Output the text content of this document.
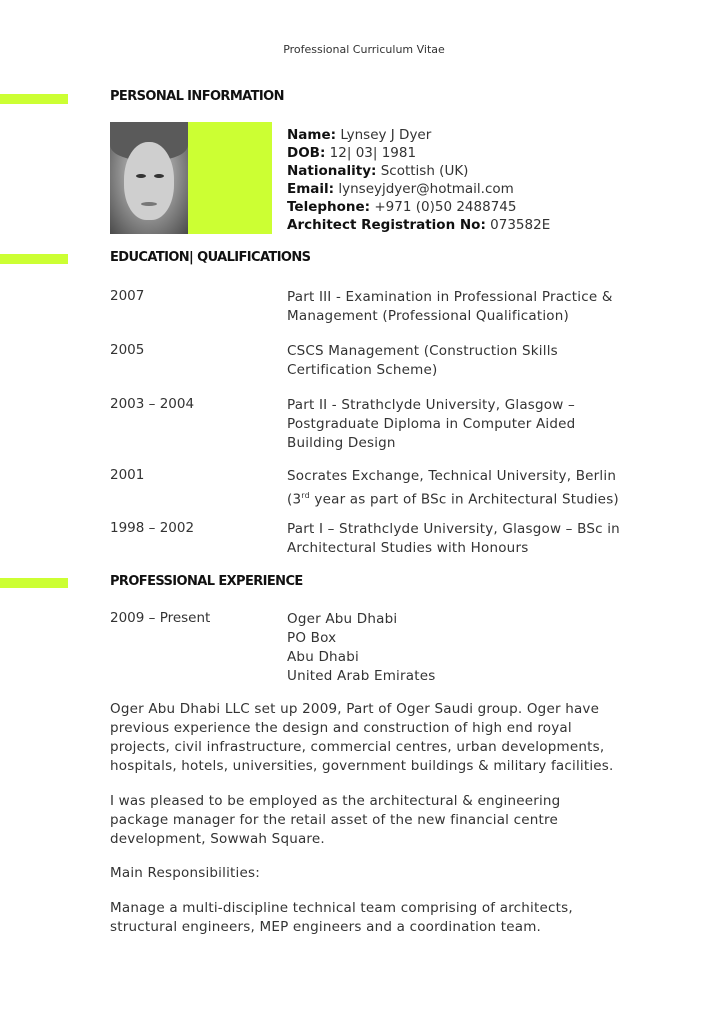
Professional Curriculum Vitae
PERSONAL INFORMATION
Name: Lynsey J Dyer
DOB: 12| 03| 1981
Nationality: Scottish (UK)
Email: lynseyjdyer@hotmail.com
Telephone: +971 (0)50 2488745
Architect Registration No: 073582E
EDUCATION| QUALIFICATIONS
2007	Part III - Examination in Professional Practice &
Management (Professional Qualification)
2005	CSCS Management (Construction Skills
Certification Scheme)
2003 – 2004	Part II - Strathclyde University, Glasgow –
Postgraduate Diploma in Computer Aided
Building Design
2001	Socrates Exchange, Technical University, Berlin
(3rd year as part of BSc in Architectural Studies)
1998 – 2002	Part I – Strathclyde University, Glasgow – BSc in
Architectural Studies with Honours
PROFESSIONAL EXPERIENCE
2009 – Present	Oger Abu Dhabi
PO Box
Abu Dhabi
United Arab Emirates
Oger Abu Dhabi LLC set up 2009, Part of Oger Saudi group. Oger have
previous experience the design and construction of high end royal
projects, civil infrastructure, commercial centres, urban developments,
hospitals, hotels, universities, government buildings & military facilities.
I was pleased to be employed as the architectural & engineering
package manager for the retail asset of the new financial centre
development, Sowwah Square.
Main Responsibilities:
Manage a multi-discipline technical team comprising of architects,
structural engineers, MEP engineers and a coordination team.
